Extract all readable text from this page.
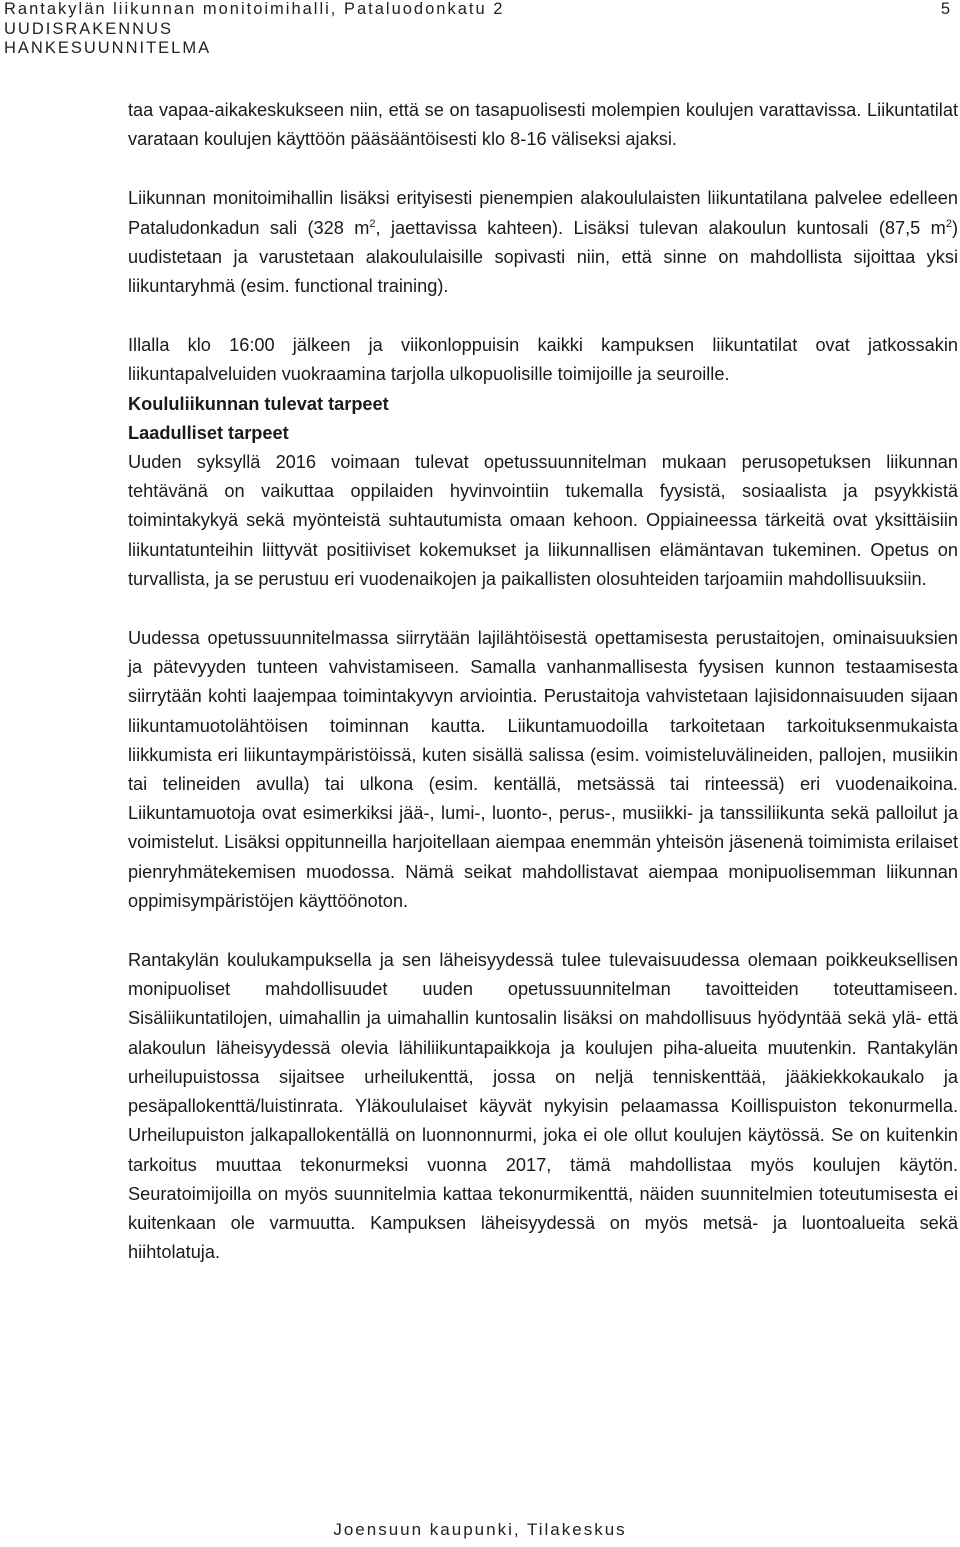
Rantakylän liikunnan monitoimihalli, Pataluodonkatu 2
UUDISRAKENNUS
HANKESUUNNITELMA
5

taa vapaa-aikakeskukseen niin, että se on tasapuolisesti molempien koulujen varattavissa. Liikuntatilat varataan koulujen käyttöön pääsääntöisesti klo 8-16 väliseksi ajaksi.

Liikunnan monitoimihallin lisäksi erityisesti pienempien alakoululaisten liikuntatilana palvelee edelleen Pataludonkadun sali (328 $m^2$, jaettavissa kahteen). Lisäksi tulevan alakoulun kuntosali (87,5 $m^2$) uudistetaan ja varustetaan alakoululaisille sopivasti niin, että sinne on mahdollista sijoittaa yksi liikuntaryhmä (esim. functional training).

Illalla klo 16:00 jälkeen ja viikonloppuisin kaikki kampuksen liikuntatilat ovat jatkossakin liikuntapalveluiden vuokraamina tarjolla ulkopuolisille toimijoille ja seuroille.

Koululiikunnan tulevat tarpeet
Laadulliset tarpeet

Uuden syksyllä 2016 voimaan tulevat opetussuunnitelman mukaan perusopetuksen liikunnan tehtävänä on vaikuttaa oppilaiden hyvinvointiin tukemalla fyysistä, sosiaalista ja psyykkistä toimintakykyä sekä myönteistä suhtautumista omaan kehoon. Oppiaineessa tärkeitä ovat yksittäisiin liikuntatunteihin liittyvät positiiviset kokemukset ja liikunnallisen elämäntavan tukeminen. Opetus on turvallista, ja se perustuu eri vuodenaikojen ja paikallisten olosuhteiden tarjoamiin mahdollisuuksiin.

Uudessa opetussuunnitelmassa siirrytään lajilähtöisestä opettamisesta perustaitojen, ominaisuuksien ja pätevyyden tunteen vahvistamiseen. Samalla vanhanmallisesta fyysisen kunnon testaamisesta siirrytään kohti laajempaa toimintakyvyn arviointia. Perustaitoja vahvistetaan lajisidonnaisuuden sijaan liikuntamuotolähtöisen toiminnan kautta. Liikuntamuodoilla tarkoitetaan tarkoituksenmukaista liikkumista eri liikuntaympäristöissä, kuten sisällä salissa (esim. voimisteluvälineiden, pallojen, musiikin tai telineiden avulla) tai ulkona (esim. kentällä, metsässä tai rinteessä) eri vuodenaikoina. Liikuntamuotoja ovat esimerkiksi jää-, lumi-, luonto-, perus-, musiikki- ja tanssiliikunta sekä palloilut ja voimistelut. Lisäksi oppitunneilla harjoitellaan aiempaa enemmän yhteisön jäsenenä toimimista erilaiset pienryhmätekemisen muodossa. Nämä seikat mahdollistavat aiempaa monipuolisemman liikunnan oppimisympäristöjen käyttöönoton.

Rantakylän koulukampuksella ja sen läheisyydessä tulee tulevaisuudessa olemaan poikkeuksellisen monipuoliset mahdollisuudet uuden opetussuunnitelman tavoitteiden toteuttamiseen. Sisäliikuntatilojen, uimahallin ja uimahallin kuntosalin lisäksi on mahdollisuus hyödyntää sekä ylä- että alakoulun läheisyydessä olevia lähiliikuntapaikkoja ja koulujen piha-alueita muutenkin. Rantakylän urheilupuistossa sijaitsee urheilukenttä, jossa on neljä tenniskenttää, jääkiekkokaukalo ja pesäpallokenttä/luistinrata. Yläkoululaiset käyvät nykyisin pelaamassa Koillispuiston tekonurmella. Urheilupuiston jalkapallokentällä on luonnonnurmi, joka ei ole ollut koulujen käytössä. Se on kuitenkin tarkoitus muuttaa tekonurmeksi vuonna 2017, tämä mahdollistaa myös koulujen käytön. Seuratoimijoilla on myös suunnitelmia kattaa tekonurmikenttä, näiden suunnitelmien toteutumisesta ei kuitenkaan ole varmuutta. Kampuksen läheisyydessä on myös metsä- ja luontoalueita sekä hiihtolatuja.

Joensuun kaupunki, Tilakeskus
